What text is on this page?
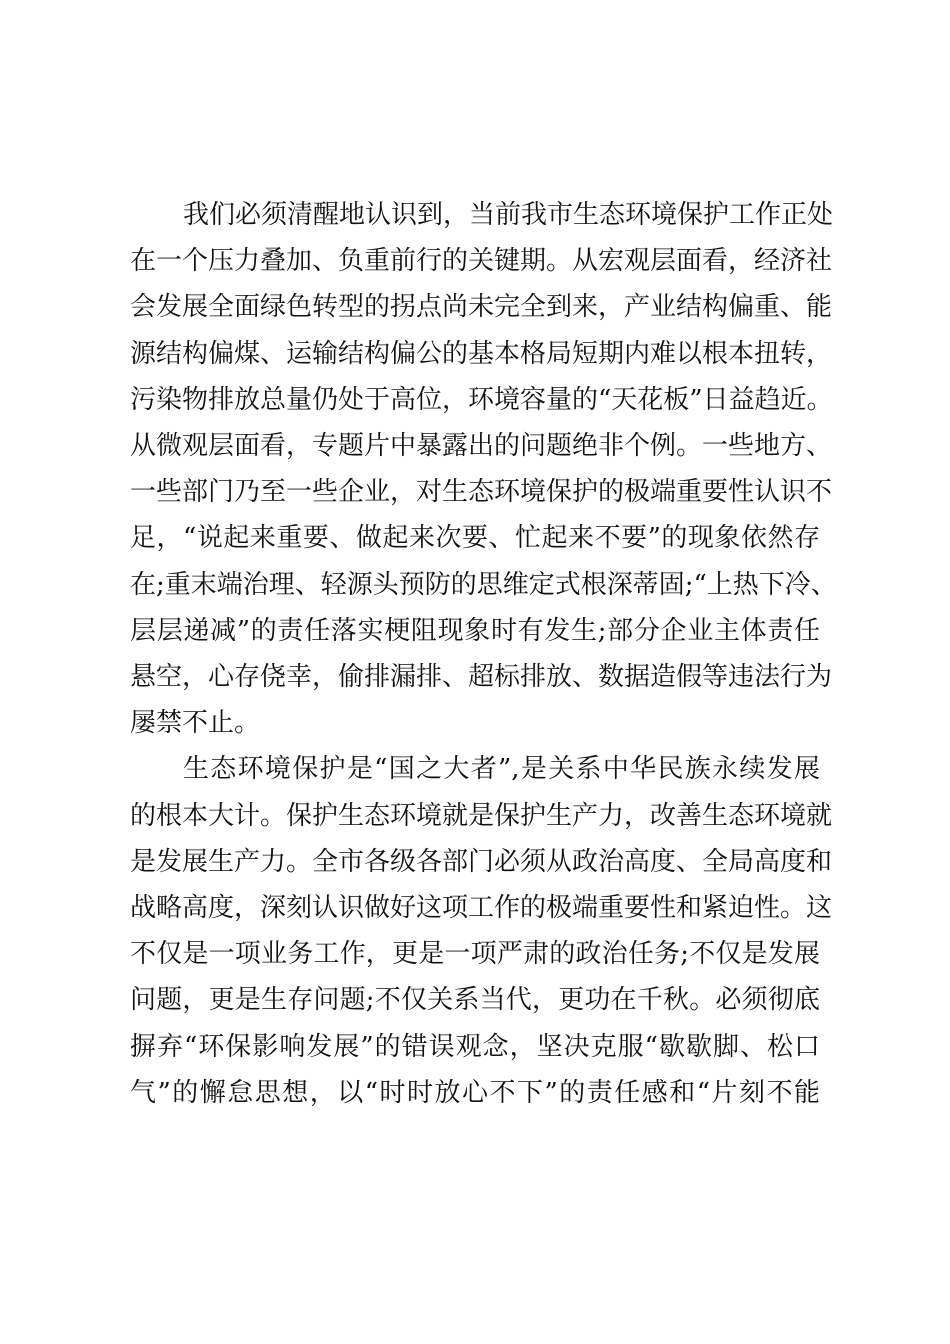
我们必须清醒地认识到，当前我市生态环境保护工作正处
在一个压力叠加、负重前行的关键期。从宏观层面看，经济社
会发展全面绿色转型的拐点尚未完全到来，产业结构偏重、能
源结构偏煤、运输结构偏公的基本格局短期内难以根本扭转，
污染物排放总量仍处于高位，环境容量的“天花板”日益趋近。
从微观层面看，专题片中暴露出的问题绝非个例。一些地方、
一些部门乃至一些企业，对生态环境保护的极端重要性认识不
足，“说起来重要、做起来次要、忙起来不要”的现象依然存
在;重末端治理、轻源头预防的思维定式根深蒂固;“上热下冷、
层层递减”的责任落实梗阻现象时有发生;部分企业主体责任
悬空，心存侥幸，偷排漏排、超标排放、数据造假等违法行为
屡禁不止。
生态环境保护是“国之大者”,是关系中华民族永续发展
的根本大计。保护生态环境就是保护生产力，改善生态环境就
是发展生产力。全市各级各部门必须从政治高度、全局高度和
战略高度，深刻认识做好这项工作的极端重要性和紧迫性。这
不仅是一项业务工作，更是一项严肃的政治任务;不仅是发展
问题，更是生存问题;不仅关系当代，更功在千秋。必须彻底
摒弃“环保影响发展”的错误观念，坚决克服“歇歇脚、松口
气”的懈怠思想，以“时时放心不下”的责任感和“片刻不能
